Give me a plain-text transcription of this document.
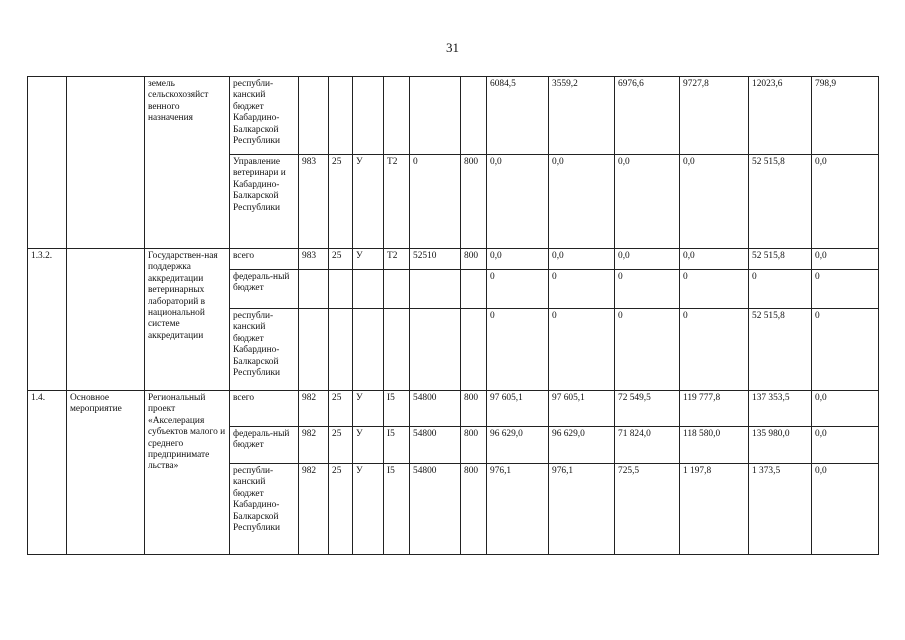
31
		земель сельскохозяйст венного назначения	республи-канский бюджет Кабардино-Балкарской Республики							6084,5	3559,2	6976,6	9727,8	12023,6	798,9
			Управление ветеринари и Кабардино-Балкарской Республики	983	25	У	Т2	0	800	0,0	0,0	0,0	0,0	52 515,8	0,0
1.3.2.		Государствен-ная поддержка аккредитации ветеринарных лабораторий в национальной системе аккредитации	всего	983	25	У	Т2	52510	800	0,0	0,0	0,0	0,0	52 515,8	0,0
			федераль-ный бюджет							0	0	0	0	0	0
			республи-канский бюджет Кабардино-Балкарской Республики							0	0	0	0	52 515,8	0
1.4.	Основное мероприятие	Региональный проект «Акселерация субъектов малого и среднего предпринимате льства»	всего	982	25	У	I5	54800	800	97 605,1	97 605,1	72 549,5	119 777,8	137 353,5	0,0
			федераль-ный бюджет	982	25	У	I5	54800	800	96 629,0	96 629,0	71 824,0	118 580,0	135 980,0	0,0
			республи-канский бюджет Кабардино-Балкарской Республики	982	25	У	I5	54800	800	976,1	976,1	725,5	1 197,8	1 373,5	0,0
